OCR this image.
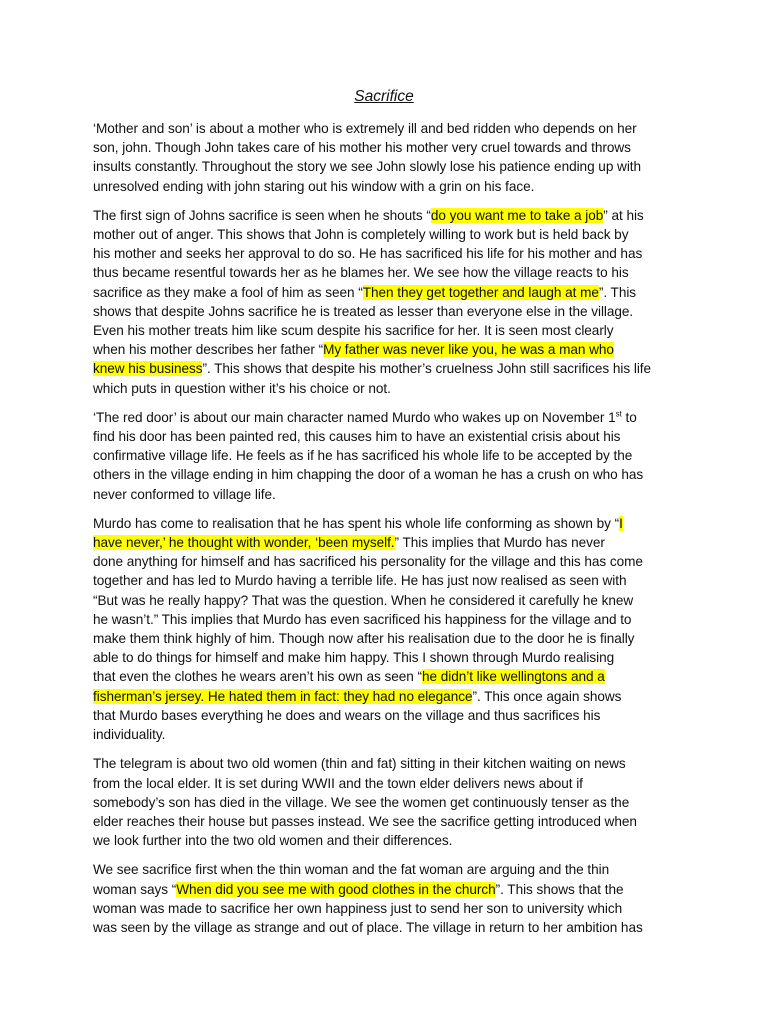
Sacrifice
‘Mother and son’ is about a mother who is extremely ill and bed ridden who depends on her
son, john. Though John takes care of his mother his mother very cruel towards and throws
insults constantly. Throughout the story we see John slowly lose his patience ending up with
unresolved ending with john staring out his window with a grin on his face.
The first sign of Johns sacrifice is seen when he shouts “do you want me to take a job” at his
mother out of anger. This shows that John is completely willing to work but is held back by
his mother and seeks her approval to do so. He has sacrificed his life for his mother and has
thus became resentful towards her as he blames her. We see how the village reacts to his
sacrifice as they make a fool of him as seen “Then they get together and laugh at me”. This
shows that despite Johns sacrifice he is treated as lesser than everyone else in the village.
Even his mother treats him like scum despite his sacrifice for her. It is seen most clearly
when his mother describes her father “My father was never like you, he was a man who
knew his business”. This shows that despite his mother’s cruelness John still sacrifices his life
which puts in question wither it’s his choice or not.
‘The red door’ is about our main character named Murdo who wakes up on November 1st to
find his door has been painted red, this causes him to have an existential crisis about his
confirmative village life. He feels as if he has sacrificed his whole life to be accepted by the
others in the village ending in him chapping the door of a woman he has a crush on who has
never conformed to village life.
Murdo has come to realisation that he has spent his whole life conforming as shown by “I
have never,’ he thought with wonder, ‘been myself.” This implies that Murdo has never
done anything for himself and has sacrificed his personality for the village and this has come
together and has led to Murdo having a terrible life. He has just now realised as seen with
“But was he really happy? That was the question. When he considered it carefully he knew
he wasn’t.” This implies that Murdo has even sacrificed his happiness for the village and to
make them think highly of him. Though now after his realisation due to the door he is finally
able to do things for himself and make him happy. This I shown through Murdo realising
that even the clothes he wears aren’t his own as seen “he didn’t like wellingtons and a
fisherman’s jersey. He hated them in fact: they had no elegance”. This once again shows
that Murdo bases everything he does and wears on the village and thus sacrifices his
individuality.
The telegram is about two old women (thin and fat) sitting in their kitchen waiting on news
from the local elder. It is set during WWII and the town elder delivers news about if
somebody’s son has died in the village. We see the women get continuously tenser as the
elder reaches their house but passes instead. We see the sacrifice getting introduced when
we look further into the two old women and their differences.
We see sacrifice first when the thin woman and the fat woman are arguing and the thin
woman says “When did you see me with good clothes in the church”. This shows that the
woman was made to sacrifice her own happiness just to send her son to university which
was seen by the village as strange and out of place. The village in return to her ambition has
